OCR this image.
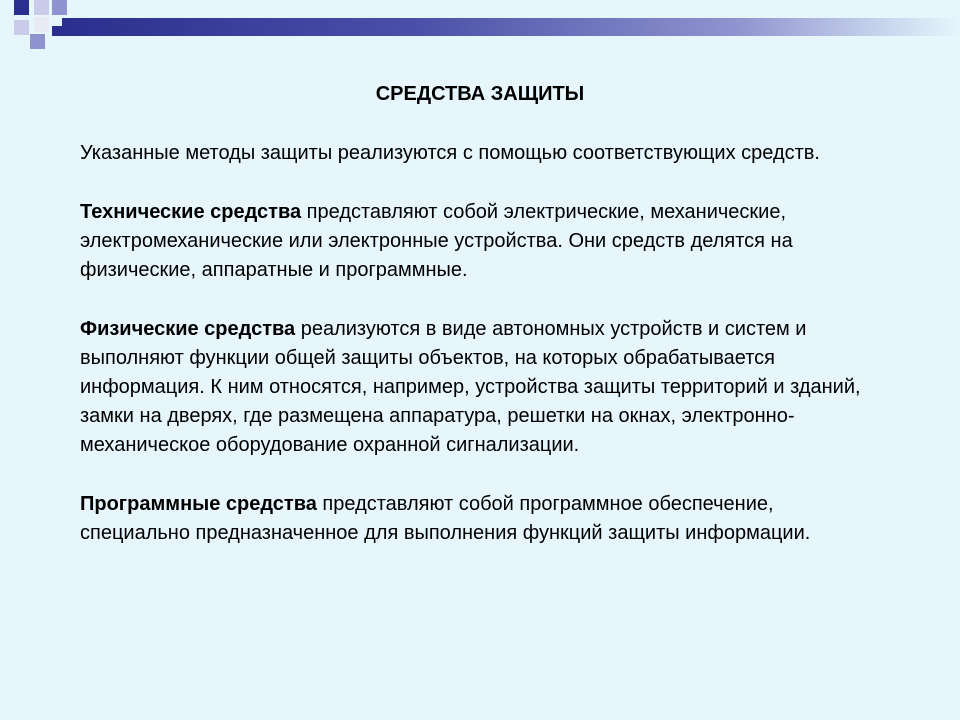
СРЕДСТВА ЗАЩИТЫ

Указанные методы защиты реализуются с помощью соответствующих средств.

Технические средства представляют собой электрические, механические, электромеханические или электронные устройства. Они средств делятся на физические, аппаратные и программные.

Физические средства реализуются в виде автономных устройств и систем и выполняют функции общей защиты объектов, на которых обрабатывается информация. К ним относятся, например, устройства защиты территорий и зданий, замки на дверях, где размещена аппаратура, решетки на окнах, электронно-механическое оборудование охранной сигнализации.

Программные средства представляют собой программное обеспечение, специально предназначенное для выполнения функций защиты информации.
